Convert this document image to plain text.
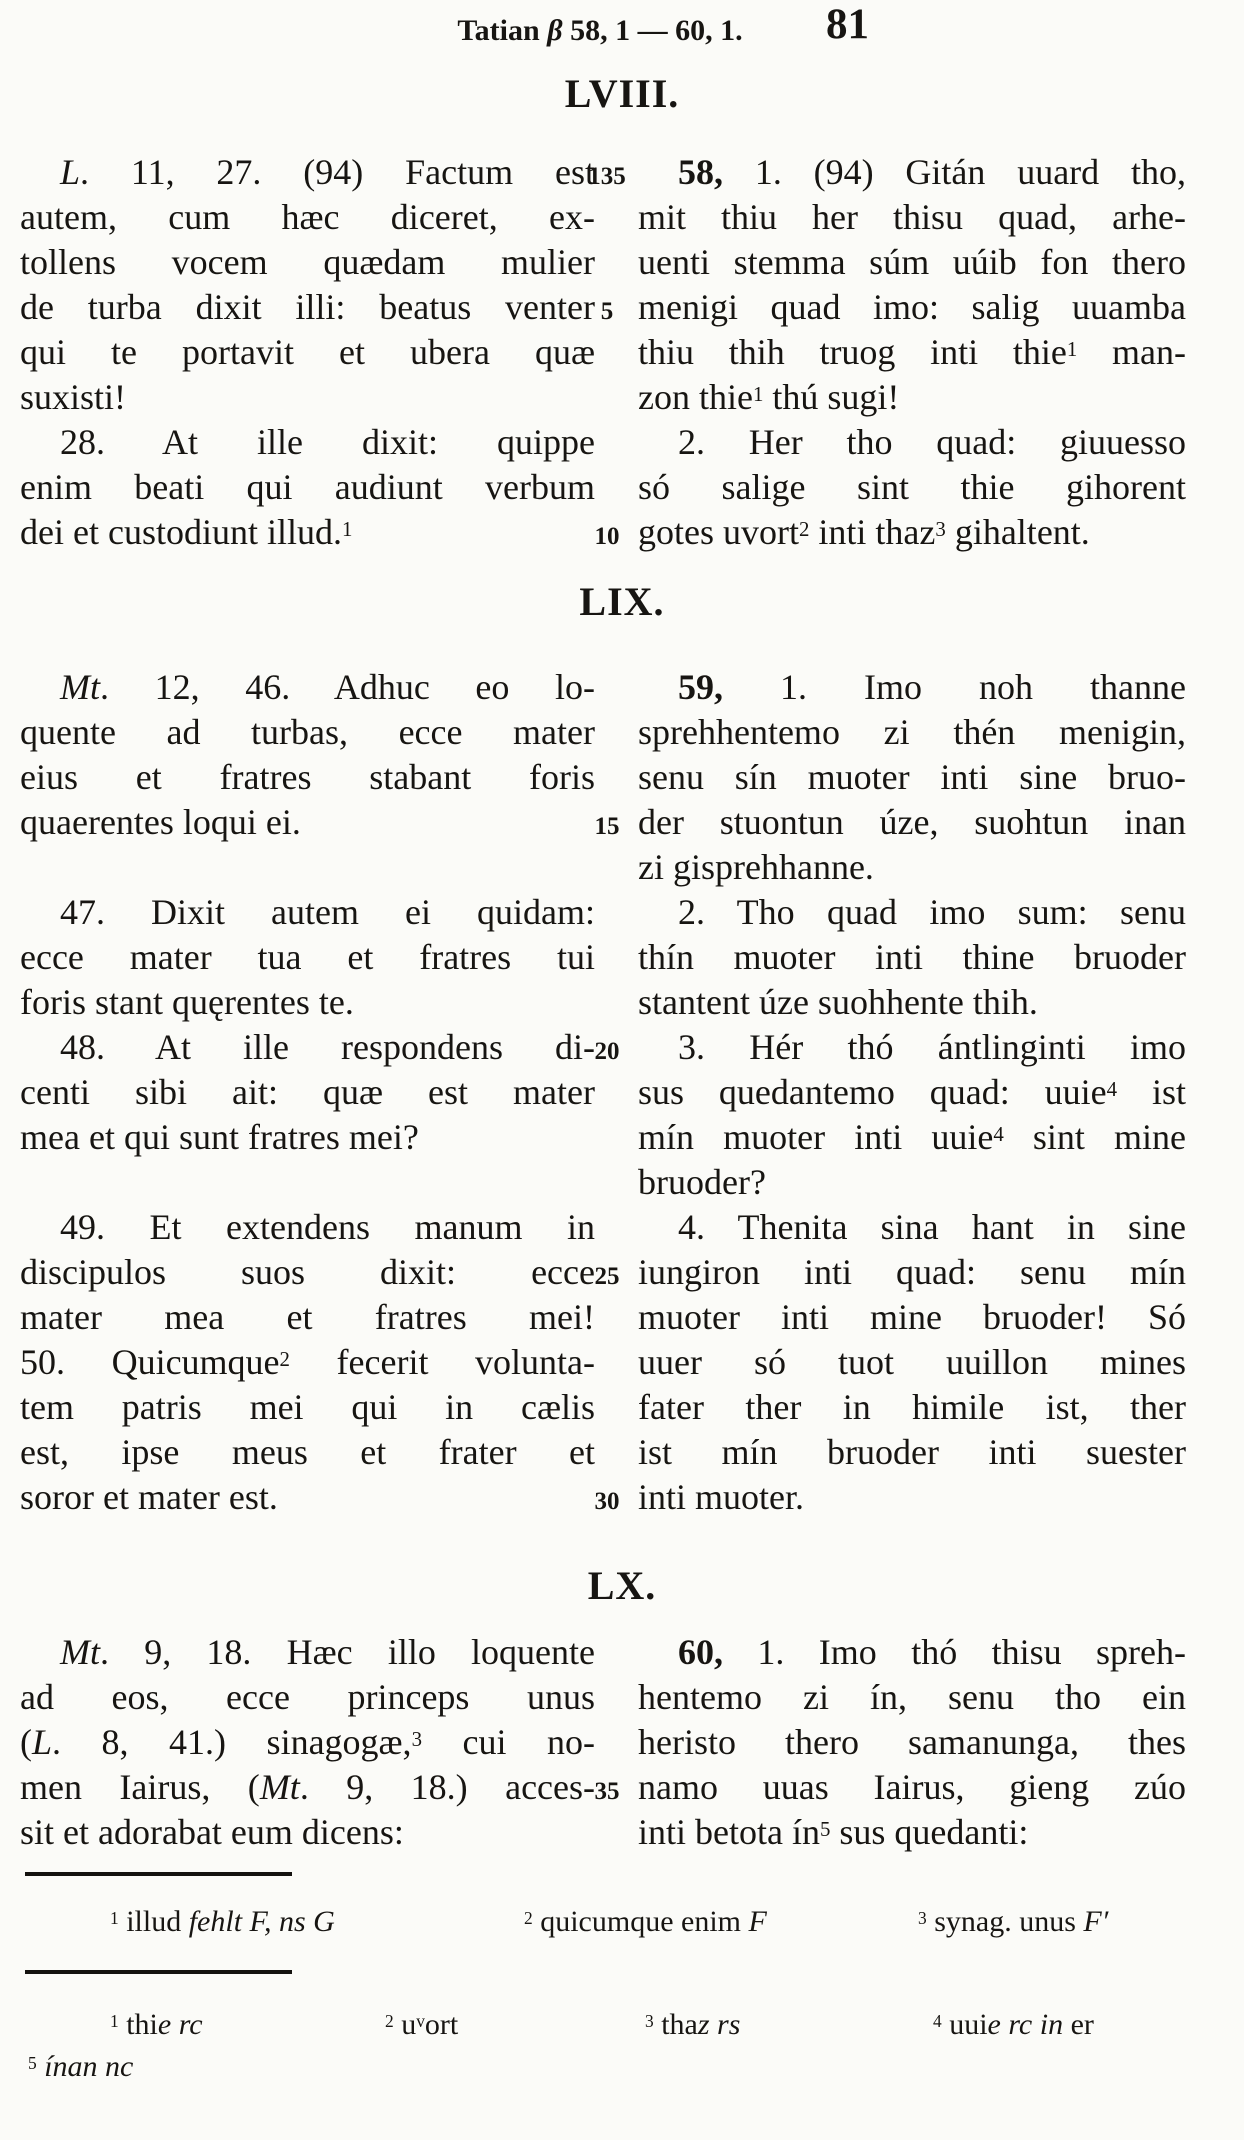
Tatian β 58, 1 — 60, 1.	81
LVIII.
L. 11, 27. (94) Factum est
autem, cum hæc diceret, ex-
tollens vocem quædam mulier
de turba dixit illi: beatus venter
qui te portavit et ubera quæ
suxisti!
58, 1. (94) Gitán uuard tho,
mit thiu her thisu quad, arhe-
uenti stemma súm uúib fon thero
menigi quad imo: salig uuamba
thiu thih truog inti thie$^1$ man-
zon thie$^1$ thú sugi!
28. At ille dixit: quippe
enim beati qui audiunt verbum
dei et custodiunt illud.$^1$
2. Her tho quad: giuuesso
só salige sint thie gihorent
gotes uvort$^2$ inti thaz$^3$ gihaltent.
LIX.
Mt. 12, 46. Adhuc eo lo-
quente ad turbas, ecce mater
eius et fratres stabant foris
quaerentes loqui ei.
59, 1. Imo noh thanne
sprehhentemo zi thén menigin,
senu sín muoter inti sine bruo-
der stuontun úze, suohtun inan
zi gisprehhanne.
47. Dixit autem ei quidam:
ecce mater tua et fratres tui
foris stant quęrentes te.
2. Tho quad imo sum: senu
thín muoter inti thine bruoder
stantent úze suohhente thih.
48. At ille respondens di-
centi sibi ait: quæ est mater
mea et qui sunt fratres mei?
3. Hér thó ántlinginti imo
sus quedantemo quad: uuie$^4$ ist
mín muoter inti uuie$^4$ sint mine
bruoder?
49. Et extendens manum in
discipulos suos dixit: ecce
mater mea et fratres mei!
50. Quicumque$^2$ fecerit volunta-
tem patris mei qui in cælis
est, ipse meus et frater et
soror et mater est.
4. Thenita sina hant in sine
iungiron inti quad: senu mín
muoter inti mine bruoder! Só
uuer só tuot uuillon mines
fater ther in himile ist, ther
ist mín bruoder inti suester
inti muoter.
LX.
Mt. 9, 18. Hæc illo loquente
ad eos, ecce princeps unus
(L. 8, 41.) sinagogæ,$^3$ cui no-
men Iairus, (Mt. 9, 18.) acces-
sit et adorabat eum dicens:
60, 1. Imo thó thisu spreh-
hentemo zi ín, senu tho ein
heristo thero samanunga, thes
namo uuas Iairus, gieng zúo
inti betota $ín^5$ sus quedanti:
135
5
10
15
20
25
30
35
$^1$ illud fehlt F, ns G	$^2$ quicumque enim F	$^3$ synag. unus F′
$^1$ thie rc	$^2$ $u^vort$	$^3$ thaz rs	$^4$ uuie rc in er
$^5$ ínan nc
